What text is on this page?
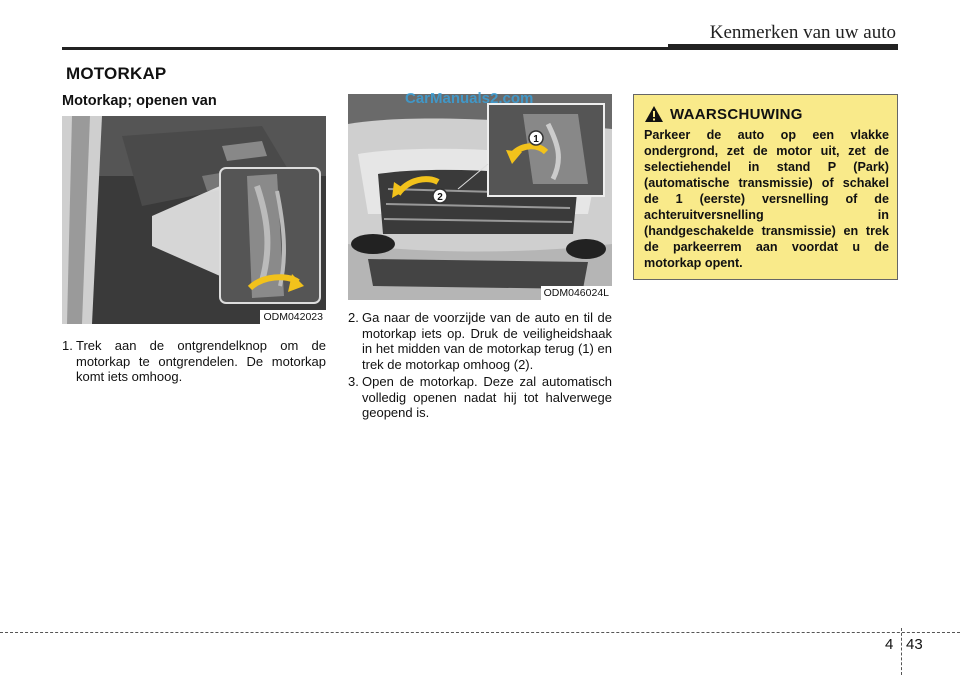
Kenmerken van uw auto
MOTORKAP
Motorkap; openen van
ODM042023
1
2
ODM046024L
CarManuals2.com
1. Trek aan de ontgrendelknop om de motorkap te ontgrendelen. De motorkap komt iets omhoog.
2. Ga naar de voorzijde van de auto en til de motorkap iets op. Druk de veiligheidshaak in het midden van de motorkap terug (1) en trek de motorkap omhoog (2).
3. Open de motorkap. Deze zal automatisch volledig openen nadat hij tot halverwege geopend is.
WAARSCHUWING
Parkeer de auto op een vlakke ondergrond, zet de motor uit, zet de selectiehendel in stand P (Park) (automatische transmissie) of schakel de 1 (eerste) versnelling of de achteruitversnelling in (handgeschakelde transmissie) en trek de parkeerrem aan voordat u de motorkap opent.
4 43
